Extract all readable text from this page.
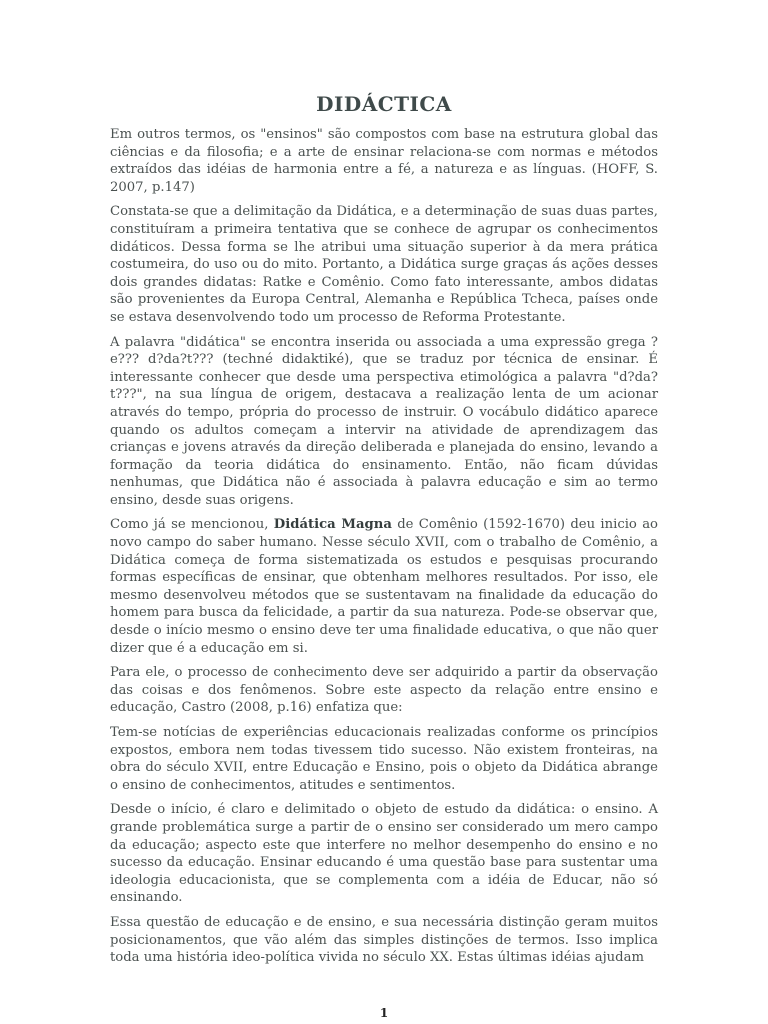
DIDÁCTICA

Em outros termos, os "ensinos" são compostos com base na estrutura global das ciências e da filosofia; e a arte de ensinar relaciona-se com normas e métodos extraídos das idéias de harmonia entre a fé, a natureza e as línguas. (HOFF, S. 2007, p.147)

Constata-se que a delimitação da Didática, e a determinação de suas duas partes, constituíram a primeira tentativa que se conhece de agrupar os conhecimentos didáticos. Dessa forma se lhe atribui uma situação superior à da mera prática costumeira, do uso ou do mito. Portanto, a Didática surge graças ás ações desses dois grandes didatas: Ratke e Comênio. Como fato interessante, ambos didatas são provenientes da Europa Central, Alemanha e República Tcheca, países onde se estava desenvolvendo todo um processo de Reforma Protestante.

A palavra "didática" se encontra inserida ou associada a uma expressão grega ?e??? d?da?t??? (techné didaktiké), que se traduz por técnica de ensinar. É interessante conhecer que desde uma perspectiva etimológica a palavra "d?da?t???", na sua língua de origem, destacava a realização lenta de um acionar através do tempo, própria do processo de instruir. O vocábulo didático aparece quando os adultos começam a intervir na atividade de aprendizagem das crianças e jovens através da direção deliberada e planejada do ensino, levando a formação da teoria didática do ensinamento. Então, não ficam dúvidas nenhumas, que Didática não é associada à palavra educação e sim ao termo ensino, desde suas origens.

Como já se mencionou, Didática Magna de Comênio (1592-1670) deu inicio ao novo campo do saber humano. Nesse século XVII, com o trabalho de Comênio, a Didática começa de forma sistematizada os estudos e pesquisas procurando formas específicas de ensinar, que obtenham melhores resultados. Por isso, ele mesmo desenvolveu métodos que se sustentavam na finalidade da educação do homem para busca da felicidade, a partir da sua natureza. Pode-se observar que, desde o início mesmo o ensino deve ter uma finalidade educativa, o que não quer dizer que é a educação em si.

Para ele, o processo de conhecimento deve ser adquirido a partir da observação das coisas e dos fenômenos. Sobre este aspecto da relação entre ensino e educação, Castro (2008, p.16) enfatiza que:

Tem-se notícias de experiências educacionais realizadas conforme os princípios expostos, embora nem todas tivessem tido sucesso. Não existem fronteiras, na obra do século XVII, entre Educação e Ensino, pois o objeto da Didática abrange o ensino de conhecimentos, atitudes e sentimentos.

Desde o início, é claro e delimitado o objeto de estudo da didática: o ensino. A grande problemática surge a partir de o ensino ser considerado um mero campo da educação; aspecto este que interfere no melhor desempenho do ensino e no sucesso da educação. Ensinar educando é uma questão base para sustentar uma ideologia educacionista, que se complementa com a idéia de Educar, não só ensinando.

Essa questão de educação e de ensino, e sua necessária distinção geram muitos posicionamentos, que vão além das simples distinções de termos. Isso implica toda uma história ideo-política vivida no século XX. Estas últimas idéias ajudam

1
